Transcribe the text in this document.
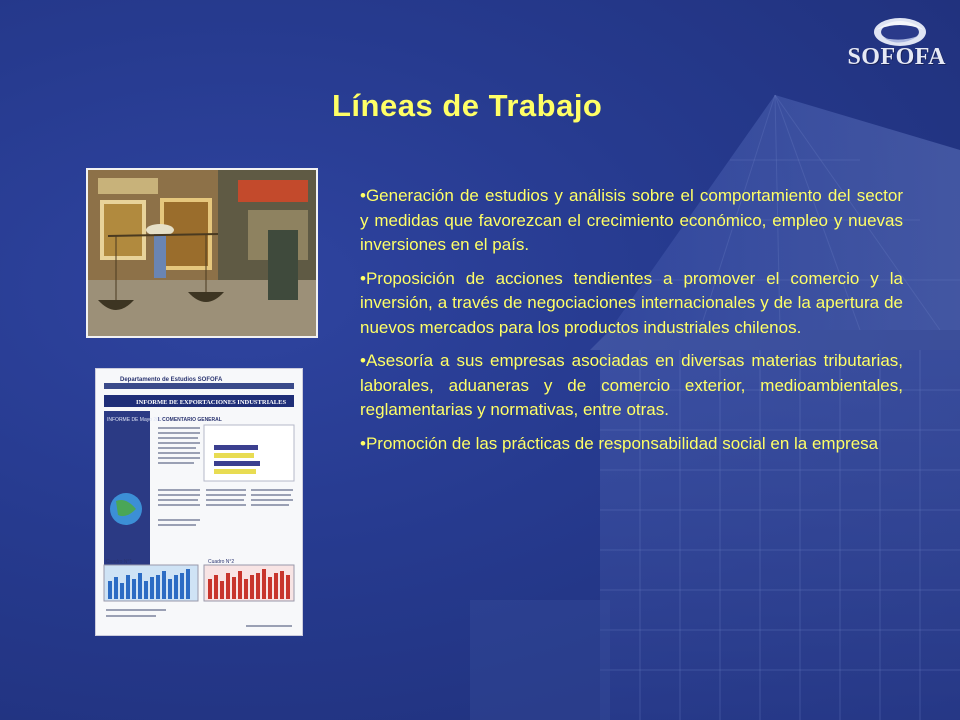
SOFOFA
Líneas de Trabajo
Departamento de Estudios SOFOFA
INFORME DE EXPORTACIONES INDUSTRIALES
INFORME DE Mayo 2007
I. COMENTARIO GENERAL
Cuadro N°1	Cuadro N°2
• Generación de estudios y análisis sobre el comportamiento del sector y medidas que favorezcan el crecimiento económico, empleo y nuevas inversiones en el país.
• Proposición de acciones tendientes a promover el comercio y la inversión, a través de negociaciones internacionales y de la apertura de nuevos mercados para los productos industriales chilenos.
• Asesoría a sus empresas asociadas en diversas materias tributarias, laborales, aduaneras y de comercio exterior, medioambientales, reglamentarias y normativas, entre otras.
• Promoción de las prácticas de responsabilidad social en la empresa
